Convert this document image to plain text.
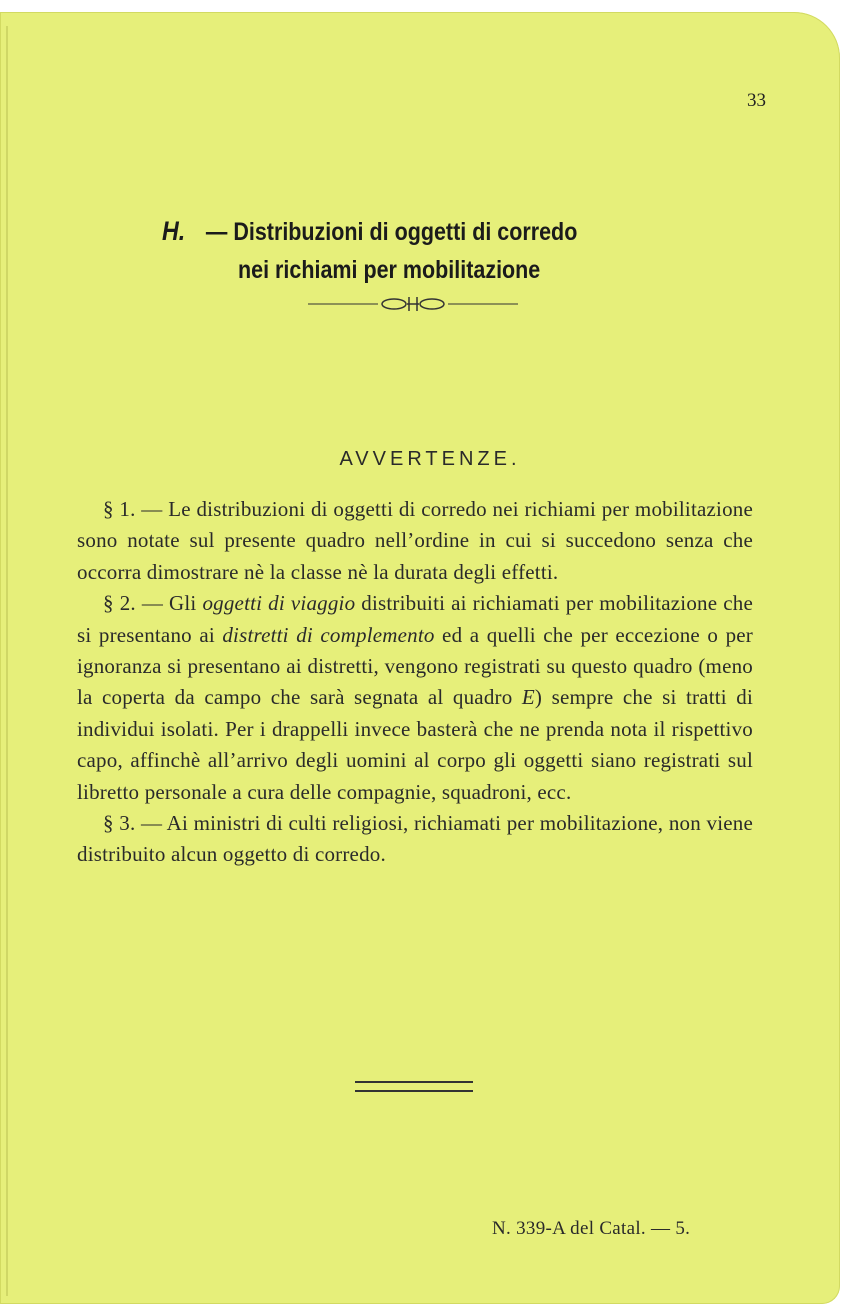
33
H. — Distribuzioni di oggetti di corredo
nei richiami per mobilitazione
AVVERTENZE.

§ 1. — Le distribuzioni di oggetti di corredo nei richiami per mobilitazione sono notate sul presente quadro nell’ordine in cui si succedono senza che occorra dimostrare nè la classe nè la durata degli effetti.

§ 2. — Gli oggetti di viaggio distribuiti ai richiamati per mobilitazione che si presentano ai distretti di complemento ed a quelli che per eccezione o per ignoranza si presentano ai distretti, vengono registrati su questo quadro (meno la coperta da campo che sarà segnata al quadro E) sempre che si tratti di individui isolati. Per i drappelli invece basterà che ne prenda nota il rispettivo capo, affinchè all’arrivo degli uomini al corpo gli oggetti siano registrati sul libretto personale a cura delle compagnie, squadroni, ecc.

§ 3. — Ai ministri di culti religiosi, richiamati per mobilitazione, non viene distribuito alcun oggetto di corredo.

N. 339-A del Catal. — 5.
